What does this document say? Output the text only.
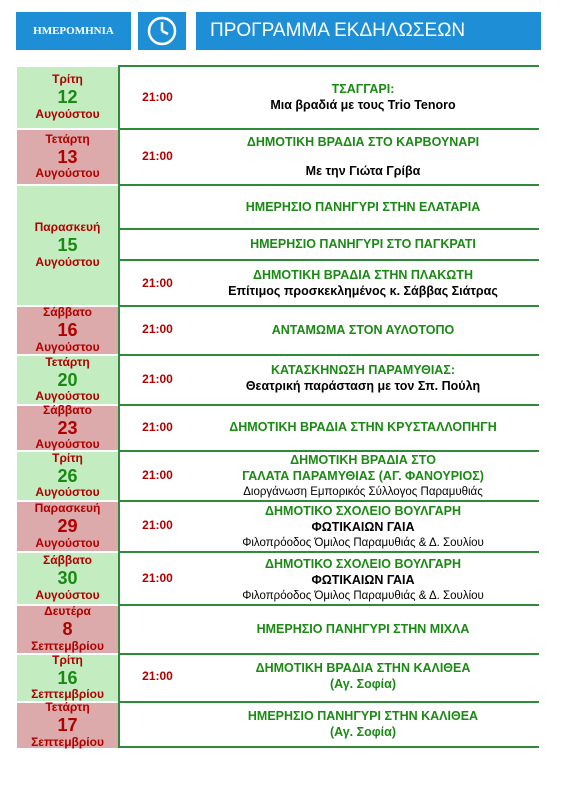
ΗΜΕΡΟΜΗΝΙΑ	ΠΡΟΓΡΑΜΜΑ ΕΚΔΗΛΩΣΕΩΝ
Τρίτη
12
Αυγούστου
Τετάρτη
13
Αυγούστου
Παρασκευή
15
Αυγούστου
Σάββατο
16
Αυγούστου
Τετάρτη
20
Αυγούστου
Σάββατο
23
Αυγούστου
Τρίτη
26
Αυγούστου
Παρασκευή
29
Αυγούστου
Σάββατο
30
Αυγούστου
Δευτέρα
8
Σεπτεμβρίου
Τρίτη
16
Σεπτεμβρίου
Τετάρτη
17
Σεπτεμβρίου
21:00
21:00
21:00
21:00
21:00
21:00
21:00
21:00
21:00
21:00
ΤΣΑΓΓΑΡΙ:
Μια βραδιά με τους Trio Tenoro
ΔΗΜΟΤΙΚΗ ΒΡΑΔΙΑ ΣΤΟ ΚΑΡΒΟΥΝΑΡΙ
Με την Γιώτα Γρίβα
ΗΜΕΡΗΣΙΟ ΠΑΝΗΓΥΡΙ ΣΤΗΝ ΕΛΑΤΑΡΙΑ
ΗΜΕΡΗΣΙΟ ΠΑΝΗΓΥΡΙ ΣΤΟ ΠΑΓΚΡΑΤΙ
ΔΗΜΟΤΙΚΗ ΒΡΑΔΙΑ ΣΤΗΝ ΠΛΑΚΩΤΗ
Επίτιμος προσκεκλημένος κ. Σάββας Σιάτρας
ΑΝΤΑΜΩΜΑ ΣΤΟΝ ΑΥΛΟΤΟΠΟ
ΚΑΤΑΣΚΗΝΩΣΗ ΠΑΡΑΜΥΘΙΑΣ:
Θεατρική παράσταση με τον Σπ. Πούλη
ΔΗΜΟΤΙΚΗ ΒΡΑΔΙΑ ΣΤΗΝ ΚΡΥΣΤΑΛΛΟΠΗΓΗ
ΔΗΜΟΤΙΚΗ ΒΡΑΔΙΑ ΣΤΟ
ΓΑΛΑΤΑ ΠΑΡΑΜΥΘΙΑΣ (ΑΓ. ΦΑΝΟΥΡΙΟΣ)
Διοργάνωση Εμπορικός Σύλλογος Παραμυθιάς
ΔΗΜΟΤΙΚΟ ΣΧΟΛΕΙΟ ΒΟΥΛΓΑΡΗ
ΦΩΤΙΚΑΙΩΝ ΓΑΙΑ
Φιλοπρόοδος Όμιλος Παραμυθιάς & Δ. Σουλίου
ΔΗΜΟΤΙΚΟ ΣΧΟΛΕΙΟ ΒΟΥΛΓΑΡΗ
ΦΩΤΙΚΑΙΩΝ ΓΑΙΑ
Φιλοπρόοδος Όμιλος Παραμυθιάς & Δ. Σουλίου
ΗΜΕΡΗΣΙΟ ΠΑΝΗΓΥΡΙ ΣΤΗΝ ΜΙΧΛΑ
ΔΗΜΟΤΙΚΗ ΒΡΑΔΙΑ ΣΤΗΝ ΚΑΛΙΘΕΑ
(Αγ. Σοφία)
ΗΜΕΡΗΣΙΟ ΠΑΝΗΓΥΡΙ ΣΤΗΝ ΚΑΛΙΘΕΑ
(Αγ. Σοφία)
